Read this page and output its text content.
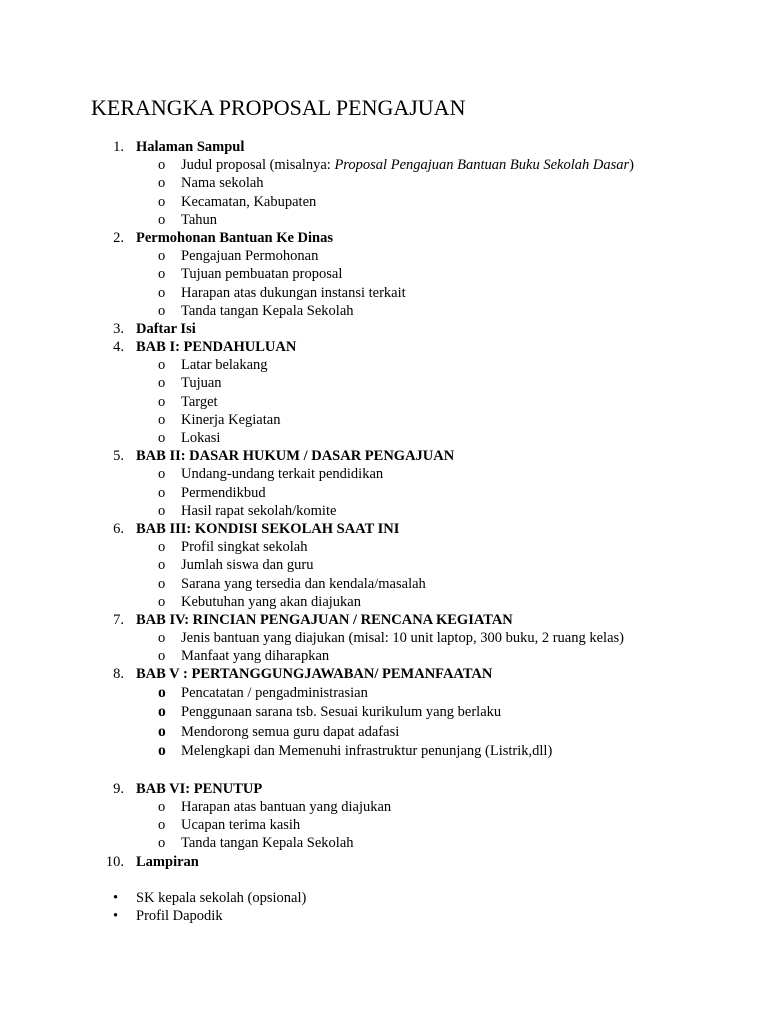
KERANGKA PROPOSAL PENGAJUAN
1. Halaman Sampul
o Judul proposal (misalnya: Proposal Pengajuan Bantuan Buku Sekolah Dasar)
o Nama sekolah
o Kecamatan, Kabupaten
o Tahun
2. Permohonan Bantuan Ke Dinas
o Pengajuan Permohonan
o Tujuan pembuatan proposal
o Harapan atas dukungan instansi terkait
o Tanda tangan Kepala Sekolah
3. Daftar Isi
4. BAB I: PENDAHULUAN
o Latar belakang
o Tujuan
o Target
o Kinerja Kegiatan
o Lokasi
5. BAB II: DASAR HUKUM / DASAR PENGAJUAN
o Undang-undang terkait pendidikan
o Permendikbud
o Hasil rapat sekolah/komite
6. BAB III: KONDISI SEKOLAH SAAT INI
o Profil singkat sekolah
o Jumlah siswa dan guru
o Sarana yang tersedia dan kendala/masalah
o Kebutuhan yang akan diajukan
7. BAB IV: RINCIAN PENGAJUAN / RENCANA KEGIATAN
o Jenis bantuan yang diajukan (misal: 10 unit laptop, 300 buku, 2 ruang kelas)
o Manfaat yang diharapkan
8. BAB V : PERTANGGUNGJAWABAN/ PEMANFAATAN
o Pencatatan / pengadministrasian
o Penggunaan sarana tsb. Sesuai kurikulum yang berlaku
o Mendorong semua guru dapat adafasi
o Melengkapi dan Memenuhi infrastruktur penunjang (Listrik,dll)
9. BAB VI: PENUTUP
o Harapan atas bantuan yang diajukan
o Ucapan terima kasih
o Tanda tangan Kepala Sekolah
10. Lampiran
• SK kepala sekolah (opsional)
• Profil Dapodik
